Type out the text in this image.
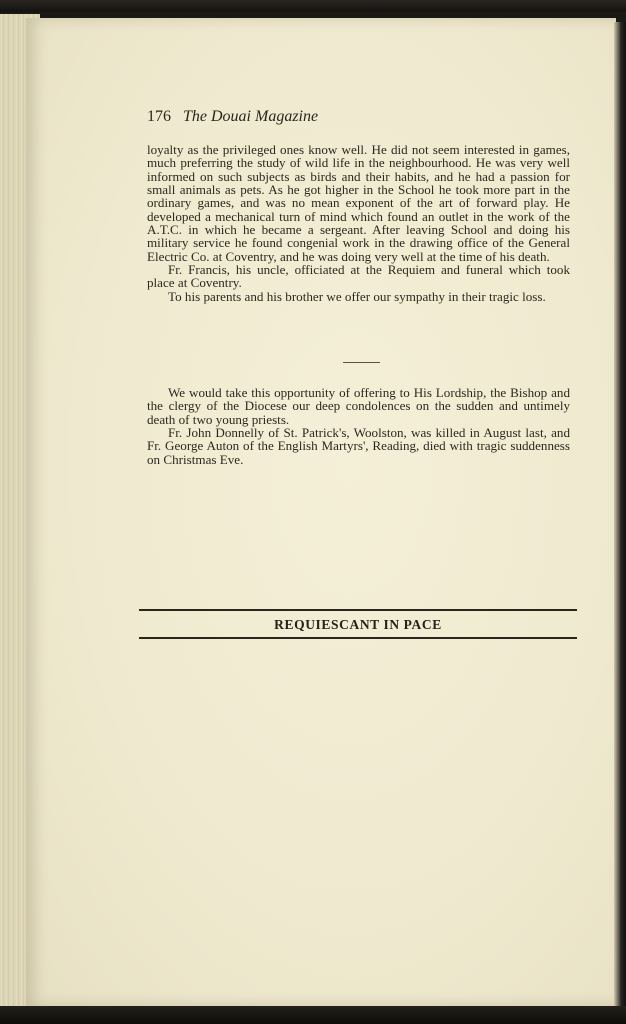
176 The Douai Magazine

loyalty as the privileged ones know well. He did not seem interested in games, much preferring the study of wild life in the neighbourhood. He was very well informed on such subjects as birds and their habits, and he had a passion for small animals as pets. As he got higher in the School he took more part in the ordinary games, and was no mean exponent of the art of forward play. He developed a mechanical turn of mind which found an outlet in the work of the A.T.C. in which he became a sergeant. After leaving School and doing his military service he found congenial work in the drawing office of the General Electric Co. at Coventry, and he was doing very well at the time of his death.

Fr. Francis, his uncle, officiated at the Requiem and funeral which took place at Coventry.

To his parents and his brother we offer our sympathy in their tragic loss.

We would take this opportunity of offering to His Lordship, the Bishop and the clergy of the Diocese our deep condolences on the sudden and untimely death of two young priests.

Fr. John Donnelly of St. Patrick's, Woolston, was killed in August last, and Fr. George Auton of the English Martyrs', Reading, died with tragic suddenness on Christmas Eve.

REQUIESCANT IN PACE
